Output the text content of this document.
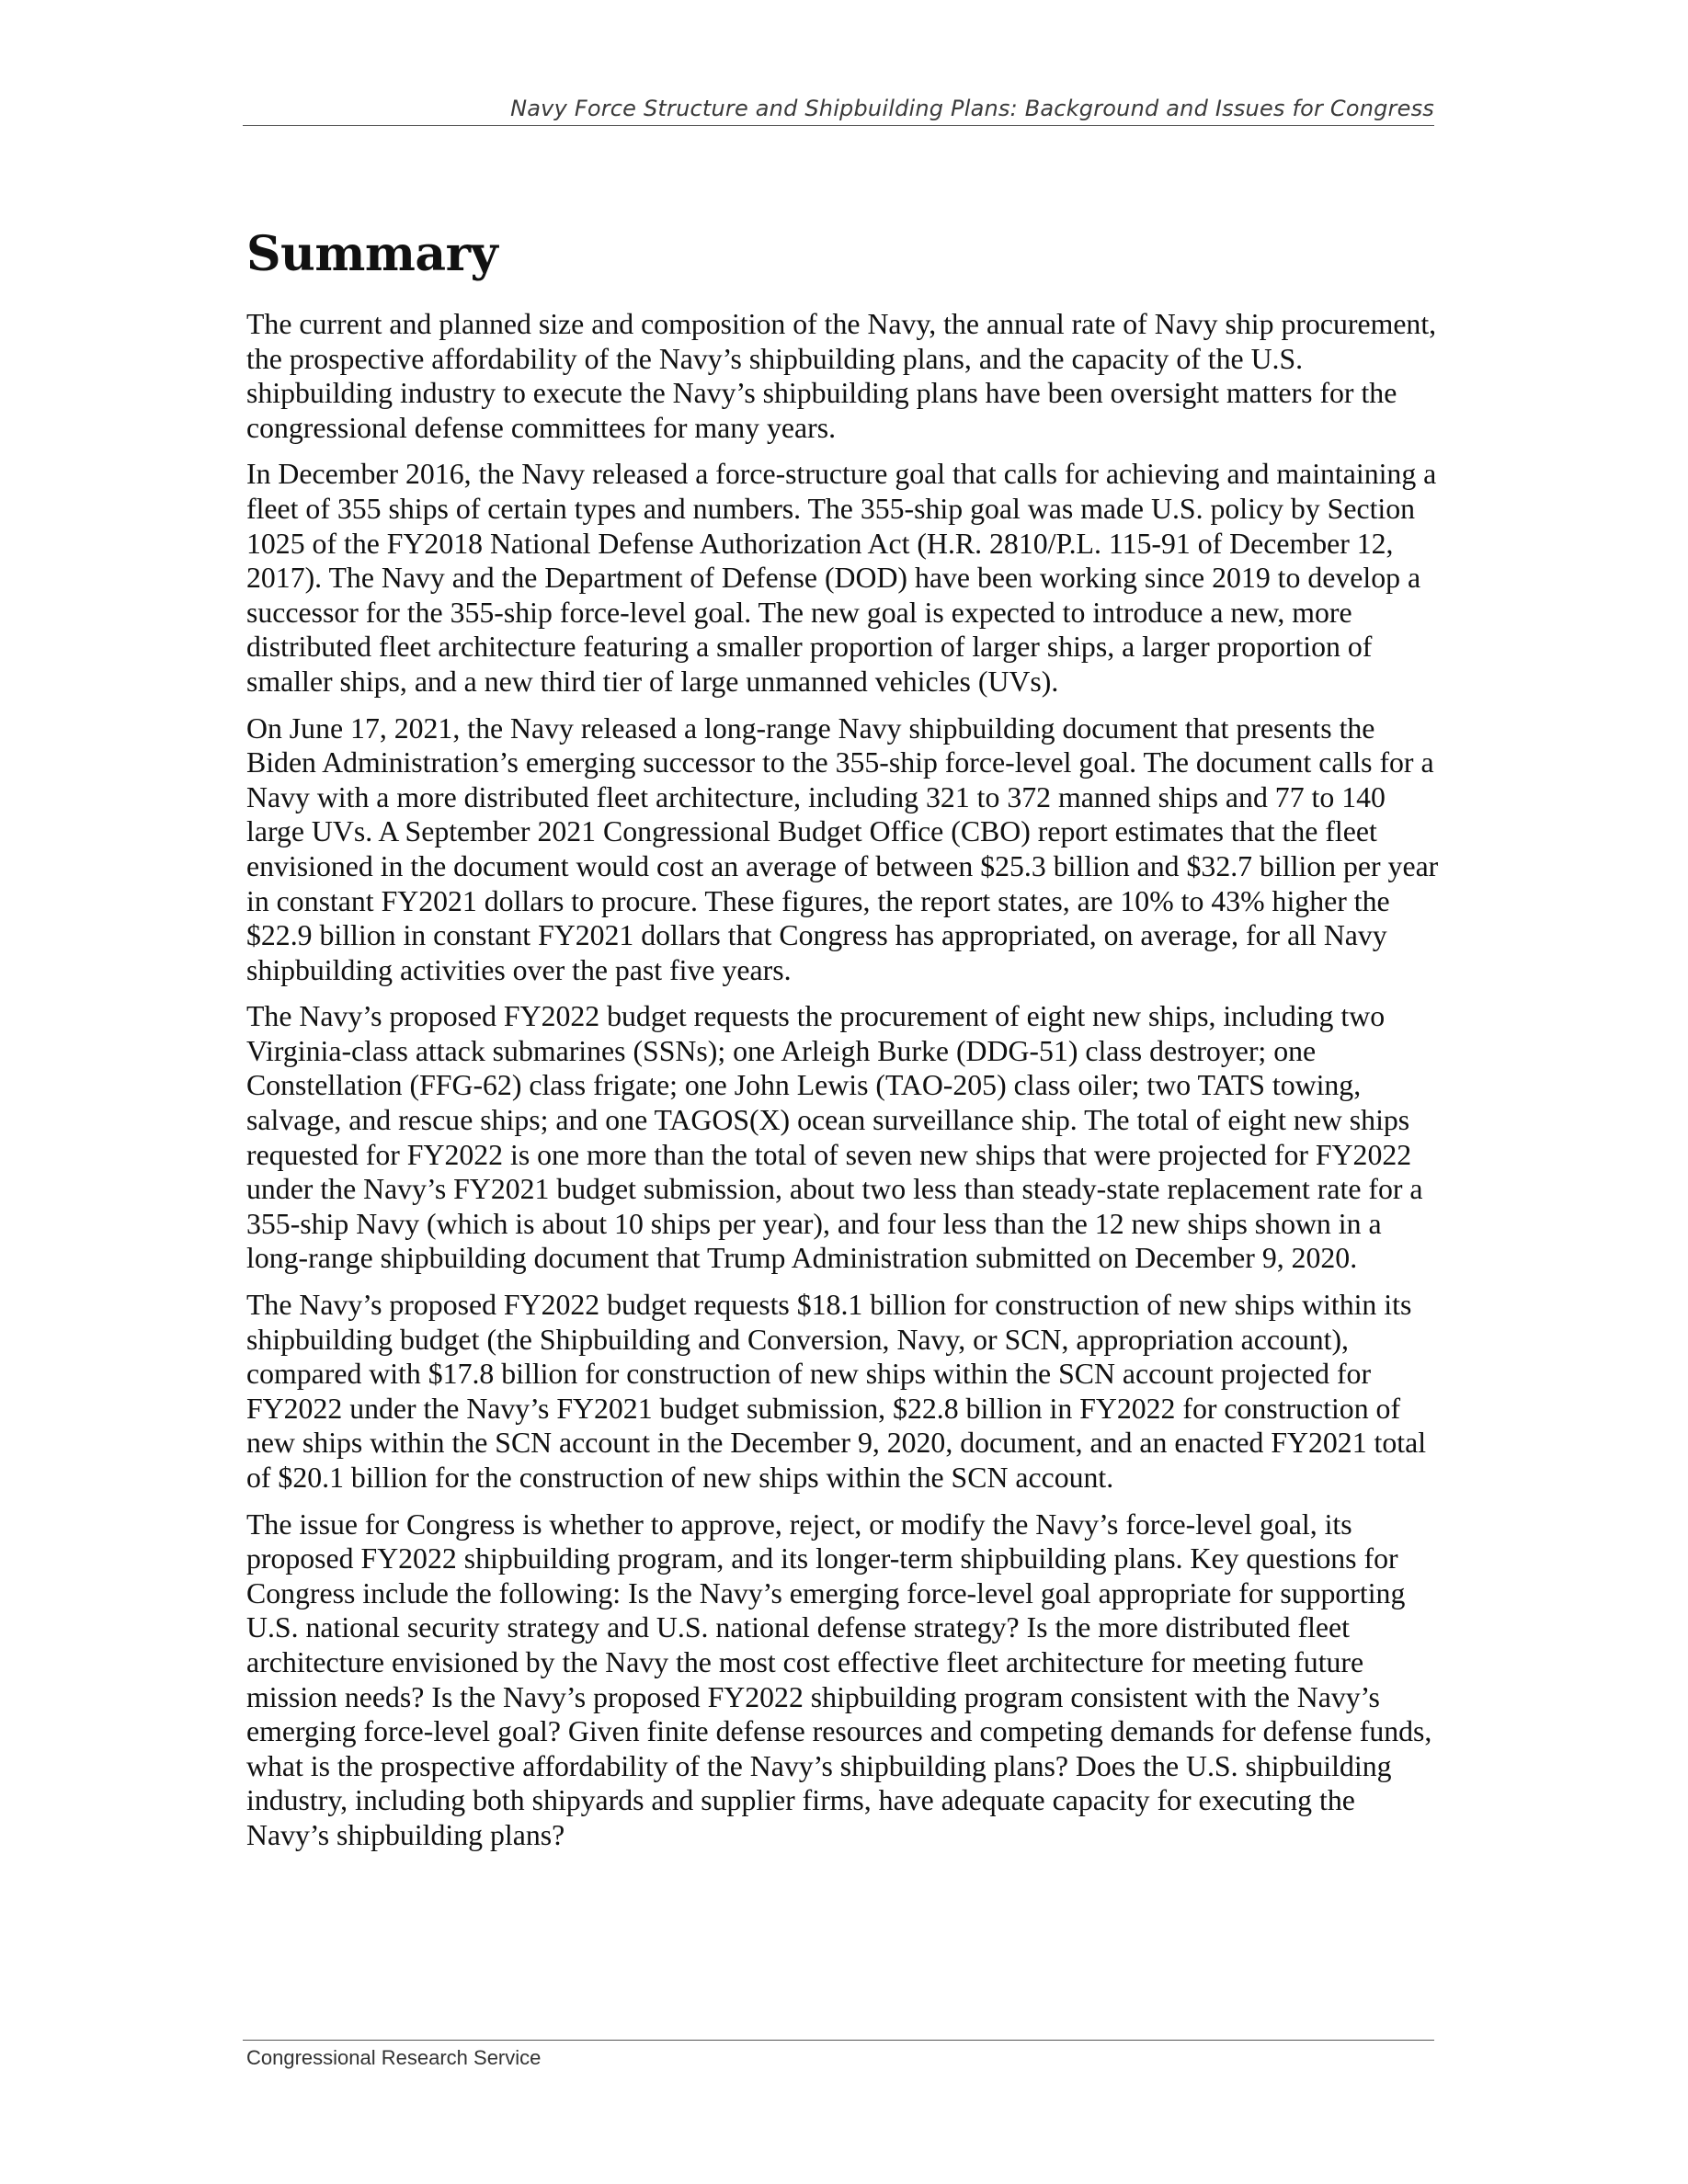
Navy Force Structure and Shipbuilding Plans: Background and Issues for Congress
Summary

The current and planned size and composition of the Navy, the annual rate of Navy ship procurement, the prospective affordability of the Navy’s shipbuilding plans, and the capacity of the U.S. shipbuilding industry to execute the Navy’s shipbuilding plans have been oversight matters for the congressional defense committees for many years.

In December 2016, the Navy released a force-structure goal that calls for achieving and maintaining a fleet of 355 ships of certain types and numbers. The 355-ship goal was made U.S. policy by Section 1025 of the FY2018 National Defense Authorization Act (H.R. 2810/P.L. 115-91 of December 12, 2017). The Navy and the Department of Defense (DOD) have been working since 2019 to develop a successor for the 355-ship force-level goal. The new goal is expected to introduce a new, more distributed fleet architecture featuring a smaller proportion of larger ships, a larger proportion of smaller ships, and a new third tier of large unmanned vehicles (UVs).

On June 17, 2021, the Navy released a long-range Navy shipbuilding document that presents the Biden Administration’s emerging successor to the 355-ship force-level goal. The document calls for a Navy with a more distributed fleet architecture, including 321 to 372 manned ships and 77 to 140 large UVs. A September 2021 Congressional Budget Office (CBO) report estimates that the fleet envisioned in the document would cost an average of between $25.3 billion and $32.7 billion per year in constant FY2021 dollars to procure. These figures, the report states, are 10% to 43% higher the $22.9 billion in constant FY2021 dollars that Congress has appropriated, on average, for all Navy shipbuilding activities over the past five years.

The Navy’s proposed FY2022 budget requests the procurement of eight new ships, including two Virginia-class attack submarines (SSNs); one Arleigh Burke (DDG-51) class destroyer; one Constellation (FFG-62) class frigate; one John Lewis (TAO-205) class oiler; two TATS towing, salvage, and rescue ships; and one TAGOS(X) ocean surveillance ship. The total of eight new ships requested for FY2022 is one more than the total of seven new ships that were projected for FY2022 under the Navy’s FY2021 budget submission, about two less than steady-state replacement rate for a 355-ship Navy (which is about 10 ships per year), and four less than the 12 new ships shown in a long-range shipbuilding document that Trump Administration submitted on December 9, 2020.

The Navy’s proposed FY2022 budget requests $18.1 billion for construction of new ships within its shipbuilding budget (the Shipbuilding and Conversion, Navy, or SCN, appropriation account), compared with $17.8 billion for construction of new ships within the SCN account projected for FY2022 under the Navy’s FY2021 budget submission, $22.8 billion in FY2022 for construction of new ships within the SCN account in the December 9, 2020, document, and an enacted FY2021 total of $20.1 billion for the construction of new ships within the SCN account.

The issue for Congress is whether to approve, reject, or modify the Navy’s force-level goal, its proposed FY2022 shipbuilding program, and its longer-term shipbuilding plans. Key questions for Congress include the following: Is the Navy’s emerging force-level goal appropriate for supporting U.S. national security strategy and U.S. national defense strategy? Is the more distributed fleet architecture envisioned by the Navy the most cost effective fleet architecture for meeting future mission needs? Is the Navy’s proposed FY2022 shipbuilding program consistent with the Navy’s emerging force-level goal? Given finite defense resources and competing demands for defense funds, what is the prospective affordability of the Navy’s shipbuilding plans? Does the U.S. shipbuilding industry, including both shipyards and supplier firms, have adequate capacity for executing the Navy’s shipbuilding plans?

Congressional Research Service
